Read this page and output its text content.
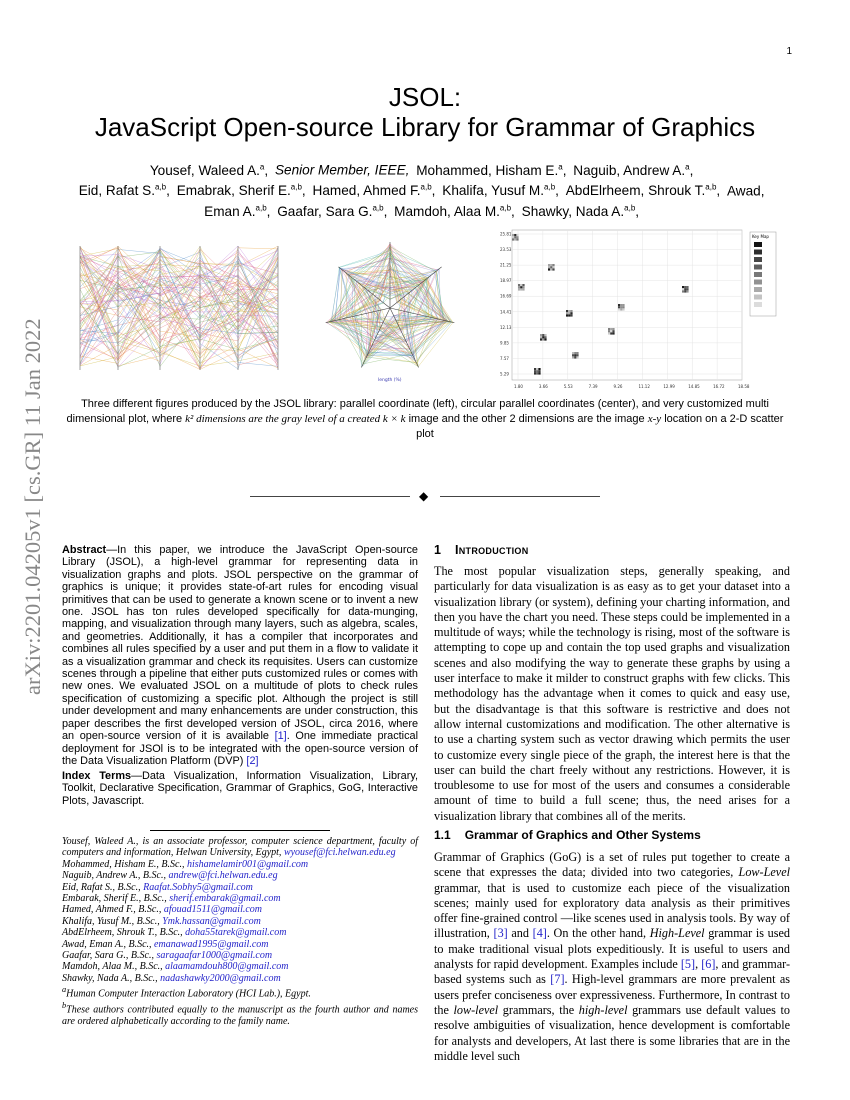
1
JSOL:
JavaScript Open-source Library for Grammar of Graphics
Yousef, Waleed A.$^a$,  Senior Member, IEEE,  Mohammed, Hisham E.$^a$,  Naguib, Andrew A.$^a$, 
Eid, Rafat S.$^{a,b}$,  Emabrak, Sherif E.$^{a,b}$,  Hamed, Ahmed F.$^{a,b}$,  Khalifa, Yusuf M.$^{a,b}$,  AbdElrheem, Shrouk T.$^{a,b}$,  Awad, 
Eman A.$^{a,b}$,  Gaafar, Sara G.$^{a,b}$,  Mamdoh, Alaa M.$^{a,b}$,  Shawky, Nada A.$^{a,b}$, 
arXiv:2201.04205v1 [cs.GR] 11 Jan 2022	length (%)
1.80	3.66	5.53	7.39	9.26	11.12	12.99	14.85	16.72	18.58
25.81
23.53
21.25
18.97
16.69
14.41
12.13
9.85
7.57
5.29
Key Map
Three different figures produced by the JSOL library: parallel coordinate (left), circular parallel coordinates (center), and very customized multi dimensional plot, where k² dimensions are the gray level of a created k × k image and the other 2 dimensions are the image x-y location on a 2-D scatter plot
◆
Abstract—In this paper, we introduce the JavaScript Open-source Library (JSOL), a high-level grammar for representing data in visualization graphs and plots. JSOL perspective on the grammar of graphics is unique; it provides state-of-art rules for encoding visual primitives that can be used to generate a known scene or to invent a new one. JSOL has ton rules developed specifically for data-munging, mapping, and visualization through many layers, such as algebra, scales, and geometries. Additionally, it has a compiler that incorporates and combines all rules specified by a user and put them in a flow to validate it as a visualization grammar and check its requisites. Users can customize scenes through a pipeline that either puts customized rules or comes with new ones. We evaluated JSOL on a multitude of plots to check rules specification of customizing a specific plot. Although the project is still under development and many enhancements are under construction, this paper describes the first developed version of JSOL, circa 2016, where an open-source version of it is available [1]. One immediate practical deployment for JSOl is to be integrated with the open-source version of the Data Visualization Platform (DVP) [2]
Index Terms—Data Visualization, Information Visualization, Library, Toolkit, Declarative Specification, Grammar of Graphics, GoG, Interactive Plots, Javascript.
Yousef, Waleed A., is an associate professor, computer science department, faculty of computers and information, Helwan University, Egypt, wyousef@fci.helwan.edu.eg
Mohammed, Hisham E., B.Sc., hishamelamir001@gmail.com
Naguib, Andrew A., B.Sc., andrew@fci.helwan.edu.eg
Eid, Rafat S., B.Sc., Raafat.Sobhy5@gmail.com
Embarak, Sherif E., B.Sc., sherif.embarak@gmail.com
Hamed, Ahmed F., B.Sc., afouad1511@gmail.com
Khalifa, Yusuf M., B.Sc., Ymk.hassan@gmail.com
AbdElrheem, Shrouk T., B.Sc., doha55tarek@gmail.com
Awad, Eman A., B.Sc., emanawad1995@gmail.com
Gaafar, Sara G., B.Sc., saragaafar1000@gmail.com
Mamdoh, Alaa M., B.Sc., alaamamdouh800@gmail.com
Shawky, Nada A., B.Sc., nadashawky2000@gmail.com
$^a$Human Computer Interaction Laboratory (HCI Lab.), Egypt.
$^b$These authors contributed equally to the manuscript as the fourth author and names are ordered alphabetically according to the family name.
1 Introduction
The most popular visualization steps, generally speaking, and particularly for data visualization is as easy as to get your dataset into a visualization library (or system), defining your charting information, and then you have the chart you need. These steps could be implemented in a multitude of ways; while the technology is rising, most of the software is attempting to cope up and contain the top used graphs and visualization scenes and also modifying the way to generate these graphs by using a user interface to make it milder to construct graphs with few clicks. This methodology has the advantage when it comes to quick and easy use, but the disadvantage is that this software is restrictive and does not allow internal customizations and modification. The other alternative is to use a charting system such as vector drawing which permits the user to customize every single piece of the graph, the interest here is that the user can build the chart freely without any restrictions. However, it is troublesome to use for most of the users and consumes a considerable amount of time to build a full scene; thus, the need arises for a visualization library that combines all of the merits.
1.1 Grammar of Graphics and Other Systems
Grammar of Graphics (GoG) is a set of rules put together to create a scene that expresses the data; divided into two categories, Low-Level grammar, that is used to customize each piece of the visualization scenes; mainly used for exploratory data analysis as their primitives offer fine-grained control —like scenes used in analysis tools. By way of illustration, [3] and [4]. On the other hand, High-Level grammar is used to make traditional visual plots expeditiously. It is useful to users and analysts for rapid development. Examples include [5], [6], and grammar-based systems such as [7]. High-level grammars are more prevalent as users prefer conciseness over expressiveness. Furthermore, In contrast to the low-level grammars, the high-level grammars use default values to resolve ambiguities of visualization, hence development is comfortable for analysts and developers, At last there is some libraries that are in the middle level such
